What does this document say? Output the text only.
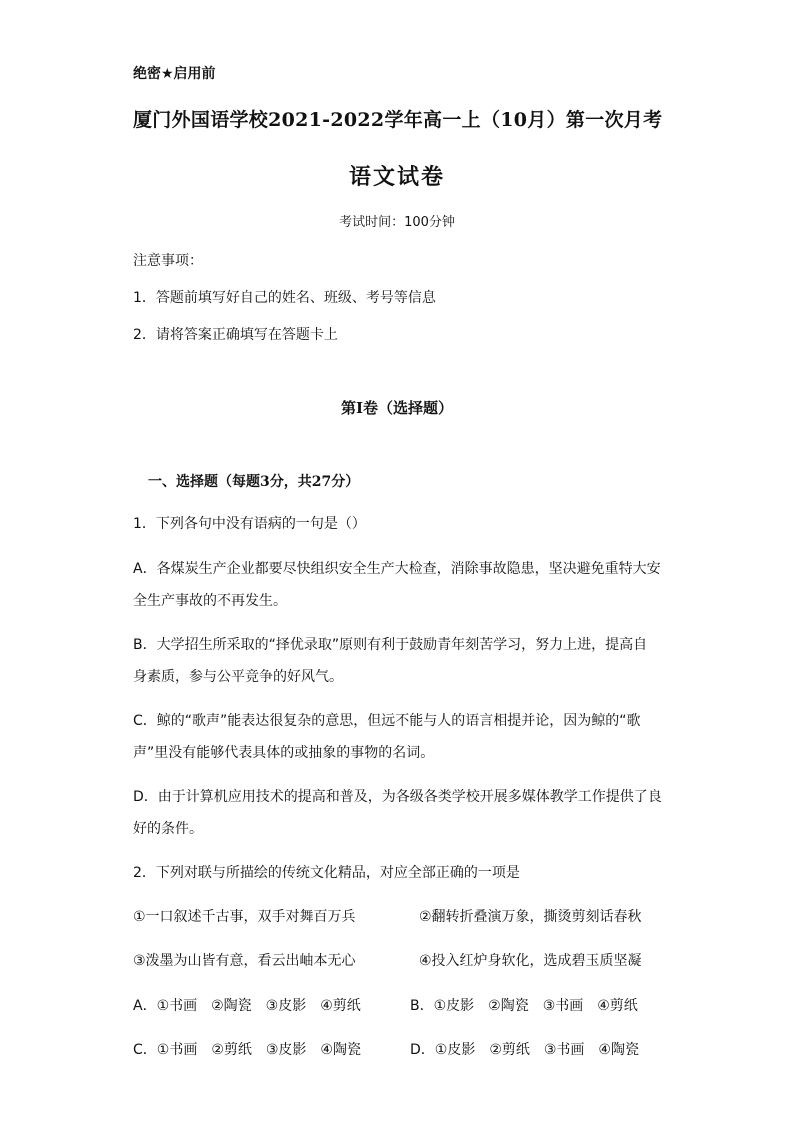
绝密★启用前
厦门外国语学校2021-2022学年高一上（10月）第一次月考
语文试卷
考试时间：100分钟
注意事项：
1．答题前填写好自己的姓名、班级、考号等信息
2．请将答案正确填写在答题卡上
第I卷（选择题）
一、选择题（每题3分，共27分）
1．下列各句中没有语病的一句是（）
A．各煤炭生产企业都要尽快组织安全生产大检查，消除事故隐患，坚决避免重特大安
全生产事故的不再发生。
B．大学招生所采取的“择优录取”原则有利于鼓励青年刻苦学习，努力上进，提高自
身素质，参与公平竞争的好风气。
C．鲸的“歌声”能表达很复杂的意思，但远不能与人的语言相提并论，因为鲸的“歌
声”里没有能够代表具体的或抽象的事物的名词。
D．由于计算机应用技术的提高和普及，为各级各类学校开展多媒体教学工作提供了良
好的条件。
2．下列对联与所描绘的传统文化精品，对应全部正确的一项是
①一口叙述千古事，双手对舞百万兵	②翻转折叠演万象，撕烫剪刻话春秋
③泼墨为山皆有意，看云出岫本无心	④投入红炉身软化，选成碧玉质坚凝
A．①书画　②陶瓷　③皮影　④剪纸	B．①皮影　②陶瓷　③书画　④剪纸
C．①书画　②剪纸　③皮影　④陶瓷	D．①皮影　②剪纸　③书画　④陶瓷
